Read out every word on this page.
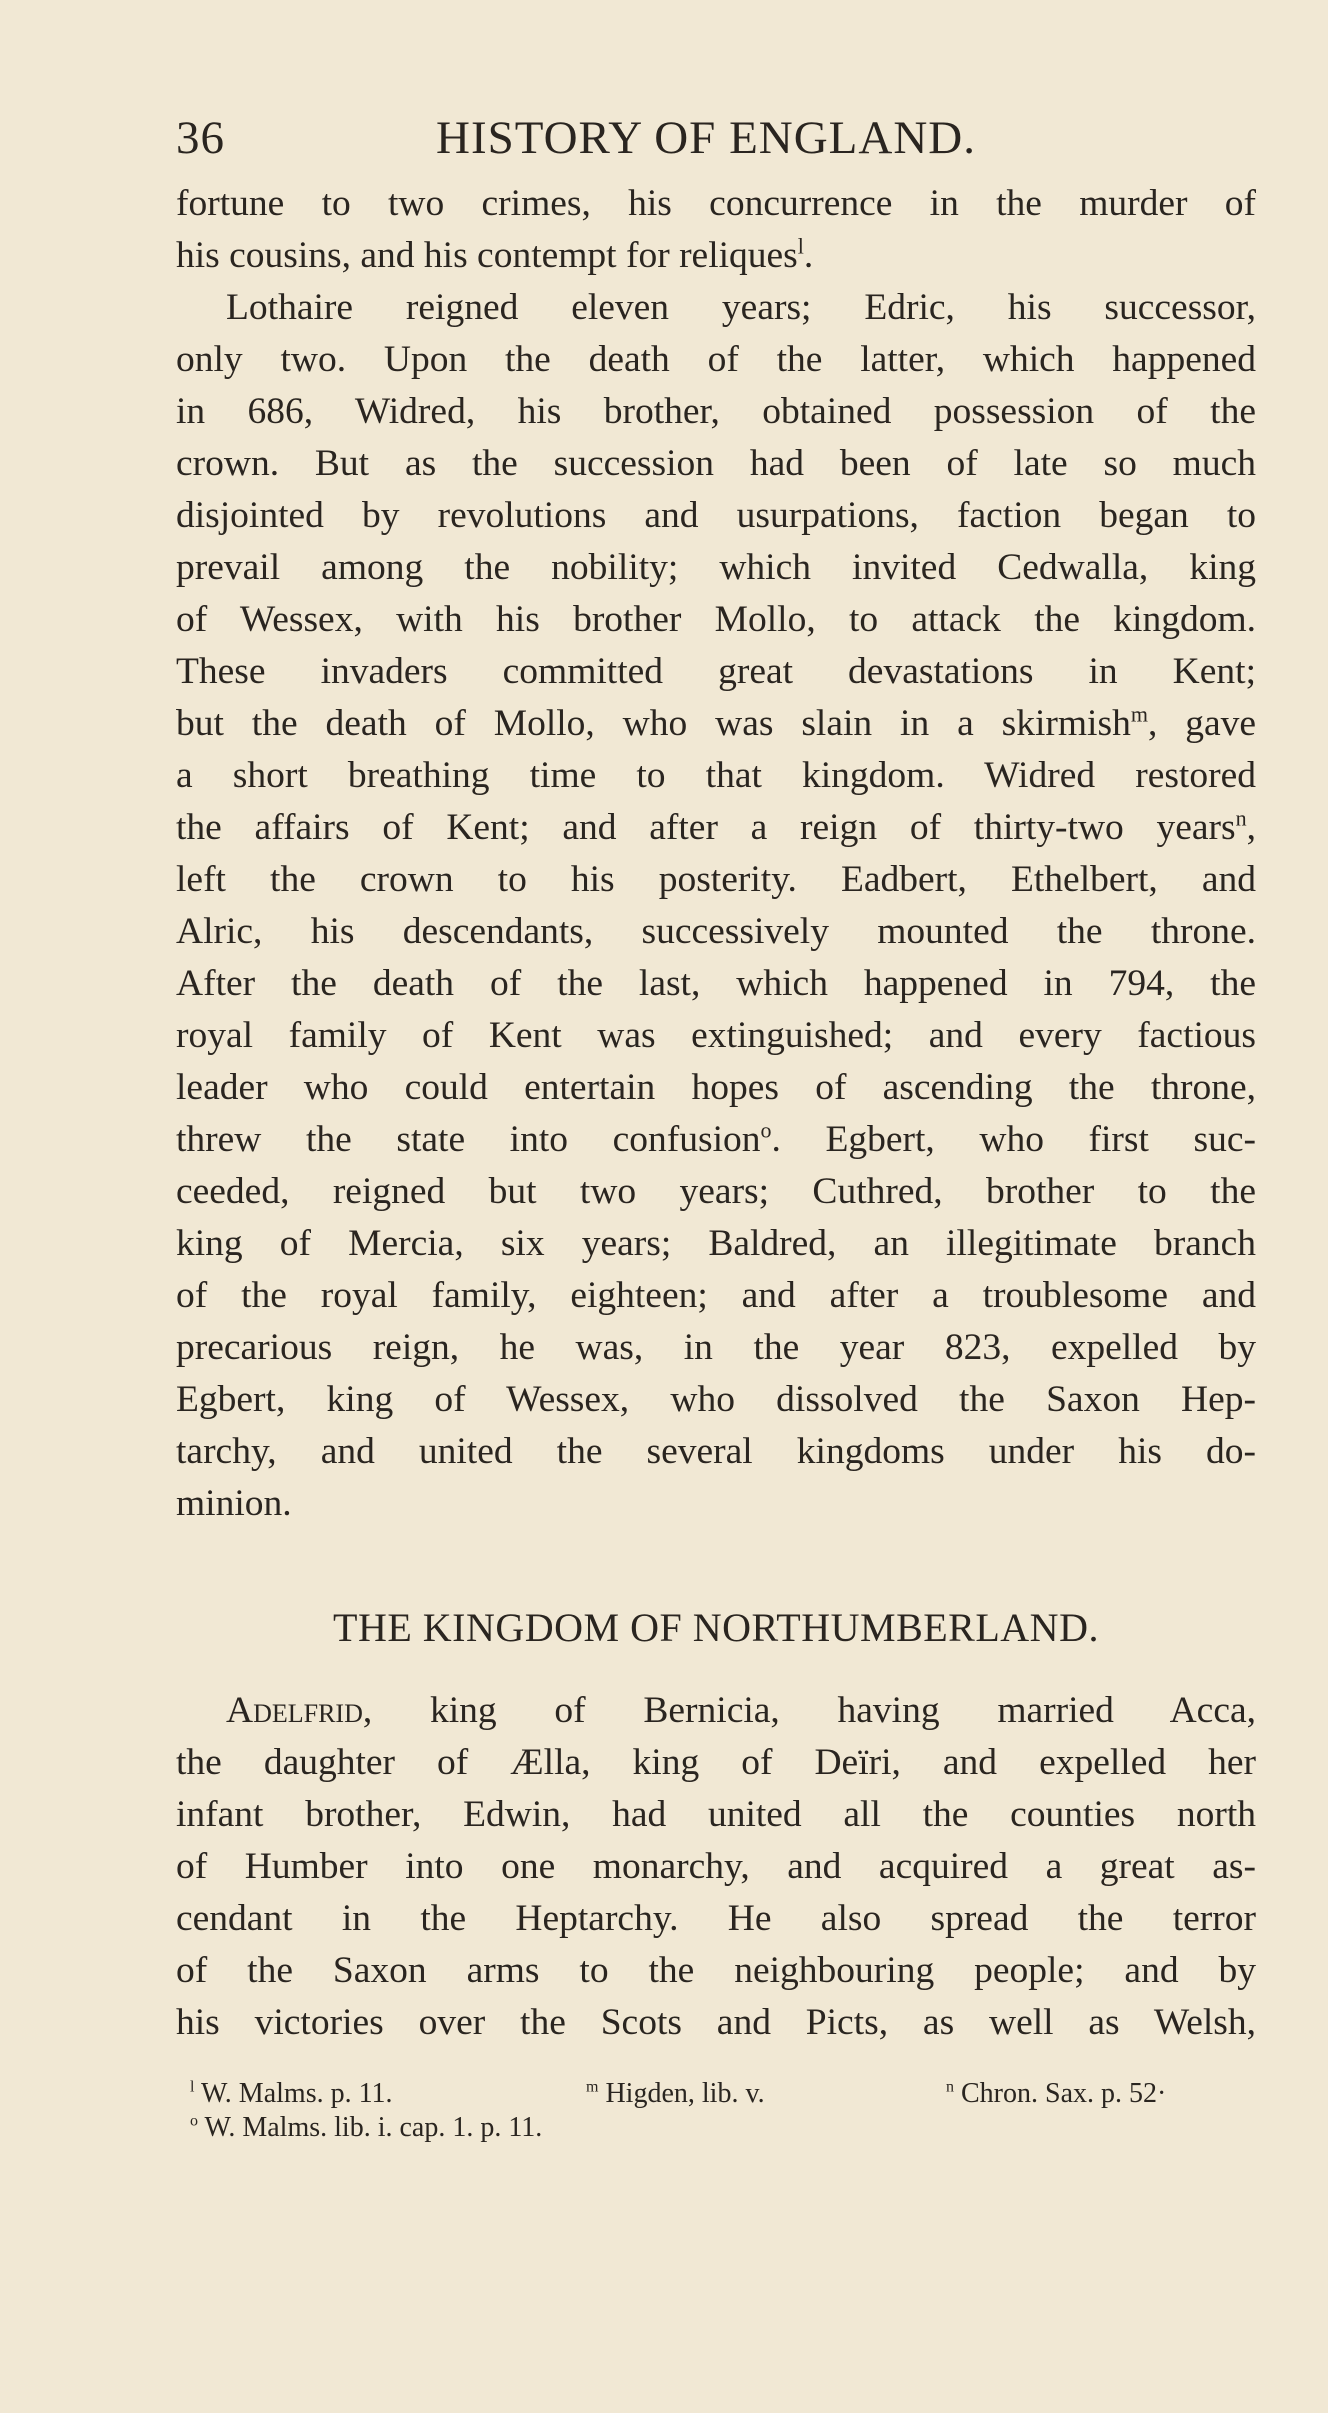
36	HISTORY OF ENGLAND.
fortune to two crimes, his concurrence in the murder of
his cousins, and his contempt for reliques$^l$.
Lothaire reigned eleven years; Edric, his successor,
only two. Upon the death of the latter, which happened
in 686, Widred, his brother, obtained possession of the
crown. But as the succession had been of late so much
disjointed by revolutions and usurpations, faction began to
prevail among the nobility; which invited Cedwalla, king
of Wessex, with his brother Mollo, to attack the kingdom.
These invaders committed great devastations in Kent;
but the death of Mollo, who was slain in a skirmish$^m$, gave
a short breathing time to that kingdom. Widred restored
the affairs of Kent; and after a reign of thirty-two years$^n$,
left the crown to his posterity. Eadbert, Ethelbert, and
Alric, his descendants, successively mounted the throne.
After the death of the last, which happened in 794, the
royal family of Kent was extinguished; and every factious
leader who could entertain hopes of ascending the throne,
threw the state into confusion$^o$. Egbert, who first suc-
ceeded, reigned but two years; Cuthred, brother to the
king of Mercia, six years; Baldred, an illegitimate branch
of the royal family, eighteen; and after a troublesome and
precarious reign, he was, in the year 823, expelled by
Egbert, king of Wessex, who dissolved the Saxon Hep-
tarchy, and united the several kingdoms under his do-
minion.
THE KINGDOM OF NORTHUMBERLAND.
Adelfrid, king of Bernicia, having married Acca,
the daughter of Ælla, king of Deïri, and expelled her
infant brother, Edwin, had united all the counties north
of Humber into one monarchy, and acquired a great as-
cendant in the Heptarchy. He also spread the terror
of the Saxon arms to the neighbouring people; and by
his victories over the Scots and Picts, as well as Welsh,
$^l$ W. Malms. p. 11.	$^m$ Higden, lib. v.	$^n$ Chron. Sax. p. 52·
$^o$ W. Malms. lib. i. cap. 1. p. 11.
